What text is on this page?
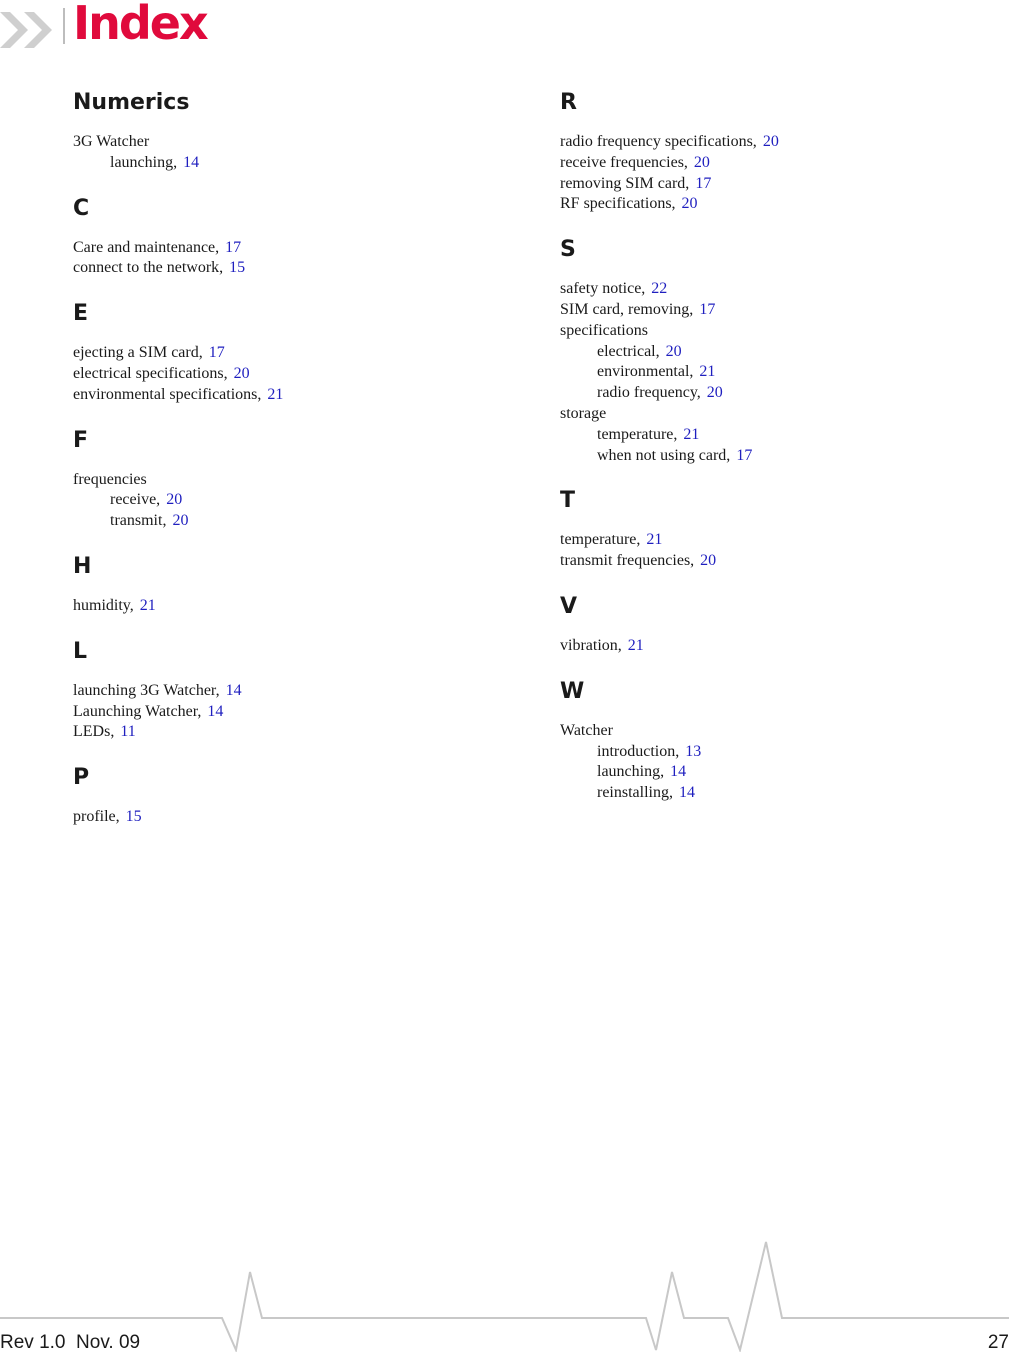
Index
Numerics
3G Watcher
launching, 14
C
Care and maintenance, 17
connect to the network, 15
E
ejecting a SIM card, 17
electrical specifications, 20
environmental specifications, 21
F
frequencies
receive, 20
transmit, 20
H
humidity, 21
L
launching 3G Watcher, 14
Launching Watcher, 14
LEDs, 11
P
profile, 15
R
radio frequency specifications, 20
receive frequencies, 20
removing SIM card, 17
RF specifications, 20
S
safety notice, 22
SIM card, removing, 17
specifications
electrical, 20
environmental, 21
radio frequency, 20
storage
temperature, 21
when not using card, 17
T
temperature, 21
transmit frequencies, 20
V
vibration, 21
W
Watcher
introduction, 13
launching, 14
reinstalling, 14
Rev 1.0  Nov. 09	27
